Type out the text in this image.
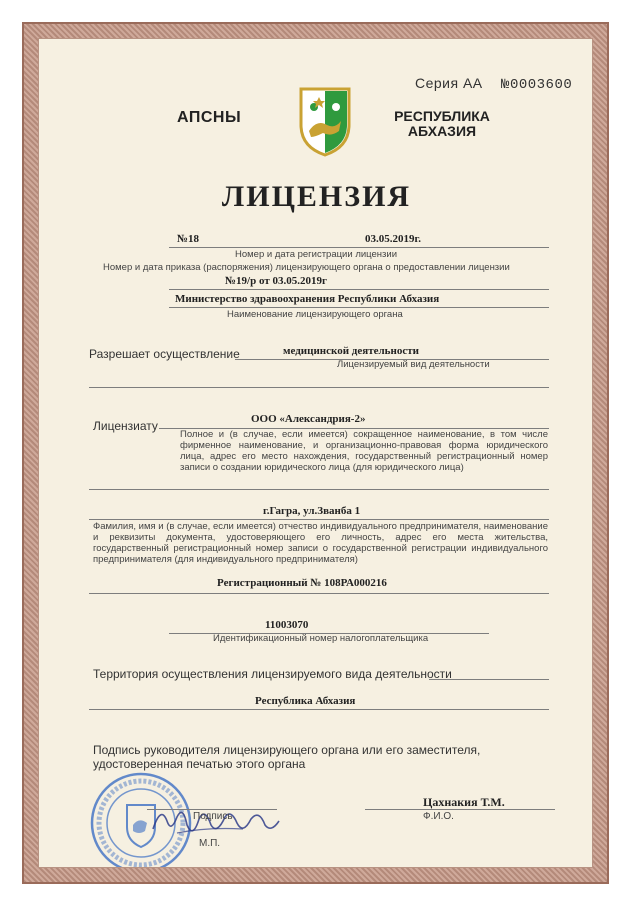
Серия АА №0003600
АПСНЫ	РЕСПУБЛИКА
АБХАЗИЯ
ЛИЦЕНЗИЯ
№18	03.05.2019г.
Номер и дата регистрации лицензии
Номер и дата приказа (распоряжения) лицензирующего органа о предоставлении лицензии
№19/р от 03.05.2019г
Министерство здравоохранения Республики Абхазия
Наименование лицензирующего органа
Разрешает осуществление	медицинской деятельности
Лицензируемый вид деятельности
Лицензиату	ООО «Александрия-2»
Полное и (в случае, если имеется) сокращенное наименование, в том числе фирменное наименование, и организационно-правовая форма юридического лица, адрес его место нахождения, государственный регистрационный номер записи о создании юридического лица (для юридического лица)
г.Гагра, ул.Званба 1
Фамилия, имя и (в случае, если имеется) отчество индивидуального предпринимателя, наименование и реквизиты документа, удостоверяющего его личность, адрес его места жительства, государственный регистрационный номер записи о государственной регистрации индивидуального предпринимателя (для индивидуального предпринимателя)
Регистрационный № 108РА000216
11003070
Идентификационный номер налогоплательщика
Территория осуществления лицензируемого вида деятельности
Республика Абхазия
Подпись руководителя лицензирующего органа или его заместителя, удостоверенная печатью этого органа
Подпись
Цахнакия Т.М.
Ф.И.О.
М.П.
